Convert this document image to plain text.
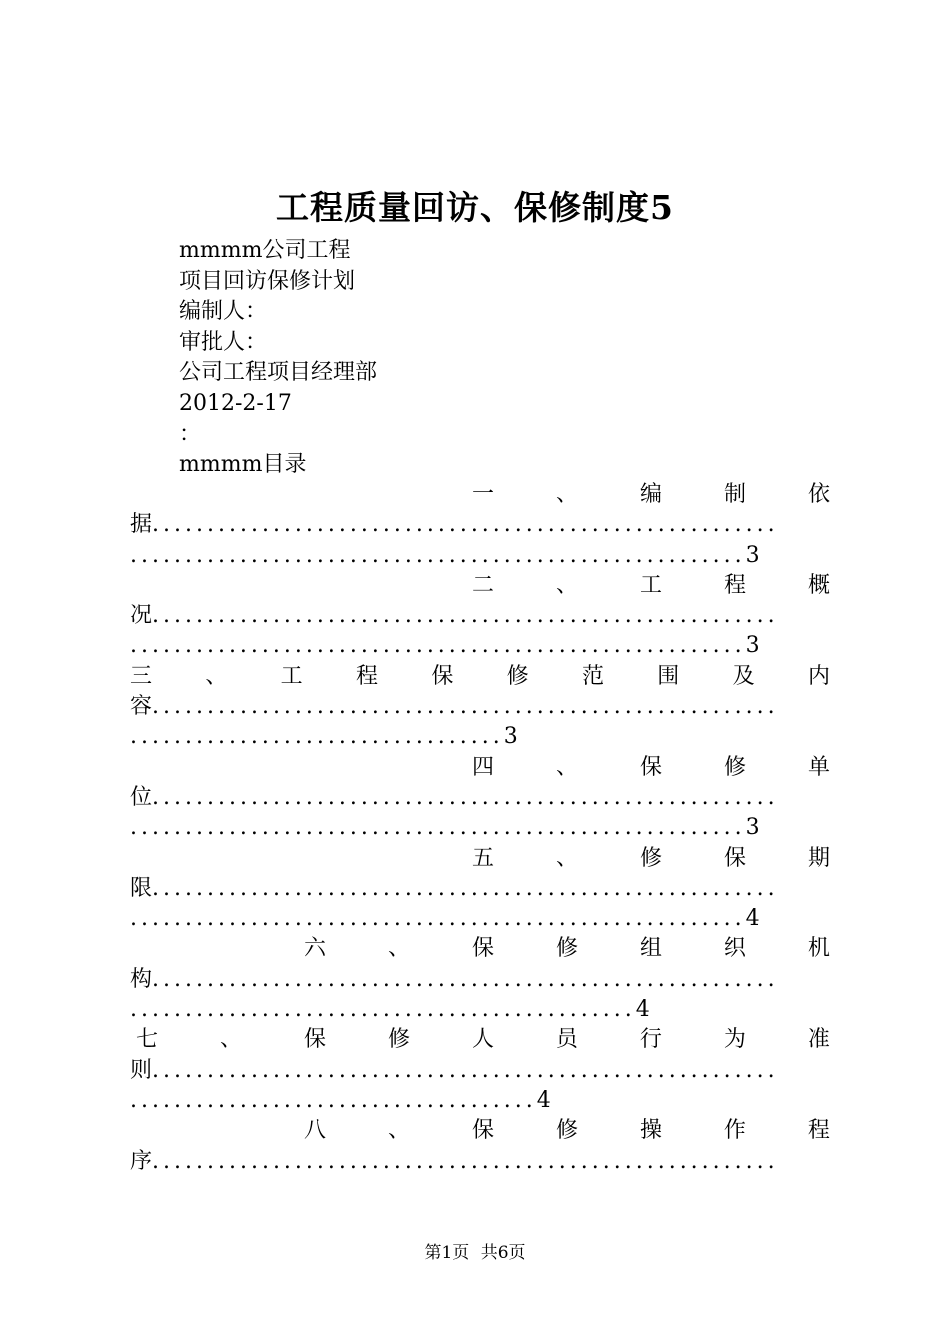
工程质量回访、保修制度5
mmmm公司工程
项目回访保修计划
编制人：
审批人：
公司工程项目经理部
2012-2-17
：
mmmm目录
一	、	编	制	依
据.........................................................
........................................................3
二	、	工	程	概
况.........................................................
........................................................3
三 、 工 程 保 修 范 围 及 内
容.........................................................
..................................3
四	、	保	修	单
位.........................................................
........................................................3
五	、	修	保	期
限.........................................................
........................................................4
六	、	保	修	组	织	机
构.........................................................
..............................................4
七	、	保	修	人	员	行	为	准
则.........................................................
.....................................4
八	、	保	修	操	作	程
序.........................................................
第1页 共6页
